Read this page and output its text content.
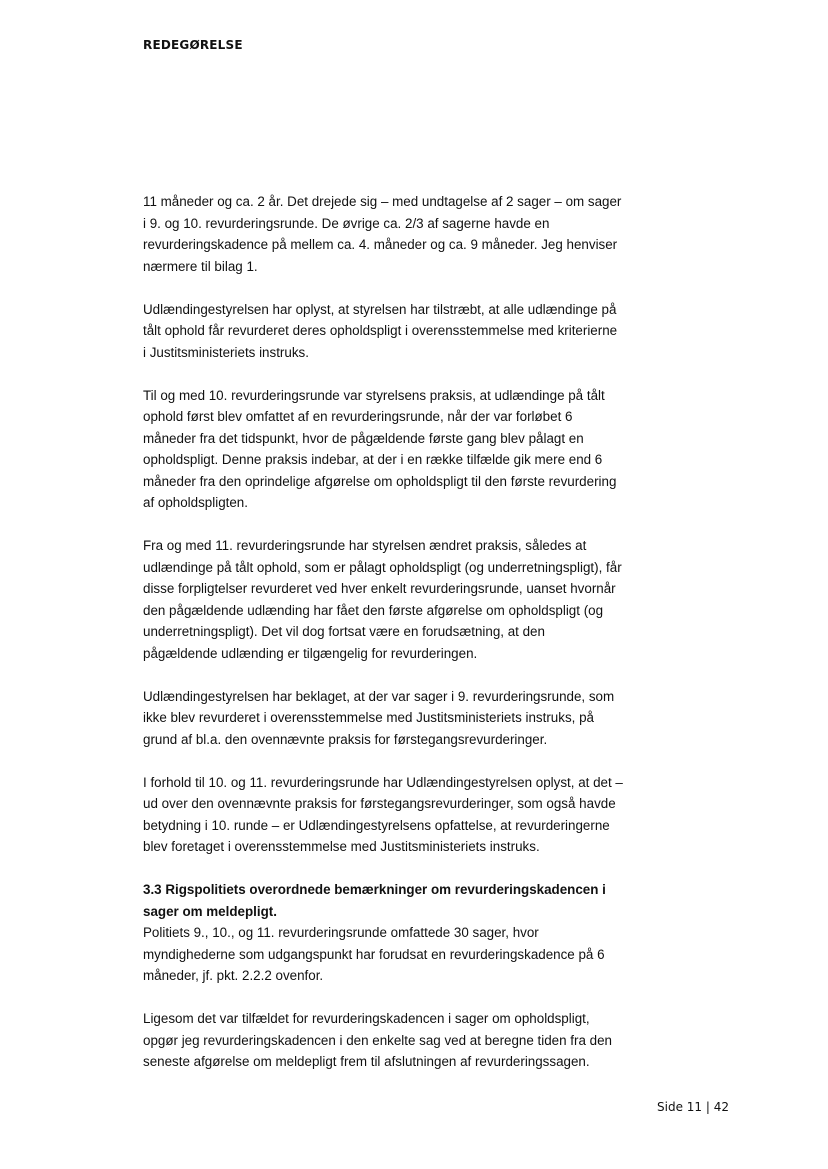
REDEGØRELSE

11 måneder og ca. 2 år. Det drejede sig – med undtagelse af 2 sager – om sager i 9. og 10. revurderingsrunde. De øvrige ca. 2/3 af sagerne havde en revurderingskadence på mellem ca. 4. måneder og ca. 9 måneder. Jeg henviser nærmere til bilag 1.

Udlændingestyrelsen har oplyst, at styrelsen har tilstræbt, at alle udlændinge på tålt ophold får revurderet deres opholdspligt i overensstemmelse med kriterierne i Justitsministeriets instruks.

Til og med 10. revurderingsrunde var styrelsens praksis, at udlændinge på tålt ophold først blev omfattet af en revurderingsrunde, når der var forløbet 6 måneder fra det tidspunkt, hvor de pågældende første gang blev pålagt en opholdspligt. Denne praksis indebar, at der i en række tilfælde gik mere end 6 måneder fra den oprindelige afgørelse om opholdspligt til den første revurdering af opholdspligten.

Fra og med 11. revurderingsrunde har styrelsen ændret praksis, således at udlændinge på tålt ophold, som er pålagt opholdspligt (og underretningspligt), får disse forpligtelser revurderet ved hver enkelt revurderingsrunde, uanset hvornår den pågældende udlænding har fået den første afgørelse om opholdspligt (og underretningspligt). Det vil dog fortsat være en forudsætning, at den pågældende udlænding er tilgængelig for revurderingen.

Udlændingestyrelsen har beklaget, at der var sager i 9. revurderingsrunde, som ikke blev revurderet i overensstemmelse med Justitsministeriets instruks, på grund af bl.a. den ovennævnte praksis for førstegangsrevurderinger.

I forhold til 10. og 11. revurderingsrunde har Udlændingestyrelsen oplyst, at det – ud over den ovennævnte praksis for førstegangsrevurderinger, som også havde betydning i 10. runde – er Udlændingestyrelsens opfattelse, at revurderingerne blev foretaget i overensstemmelse med Justitsministeriets instruks.

3.3 Rigspolitiets overordnede bemærkninger om revurderingskadencen i sager om meldepligt.

Politiets 9., 10., og 11. revurderingsrunde omfattede 30 sager, hvor myndighederne som udgangspunkt har forudsat en revurderingskadence på 6 måneder, jf. pkt. 2.2.2 ovenfor.

Ligesom det var tilfældet for revurderingskadencen i sager om opholdspligt, opgør jeg revurderingskadencen i den enkelte sag ved at beregne tiden fra den seneste afgørelse om meldepligt frem til afslutningen af revurderingssagen.

Side 11 | 42
